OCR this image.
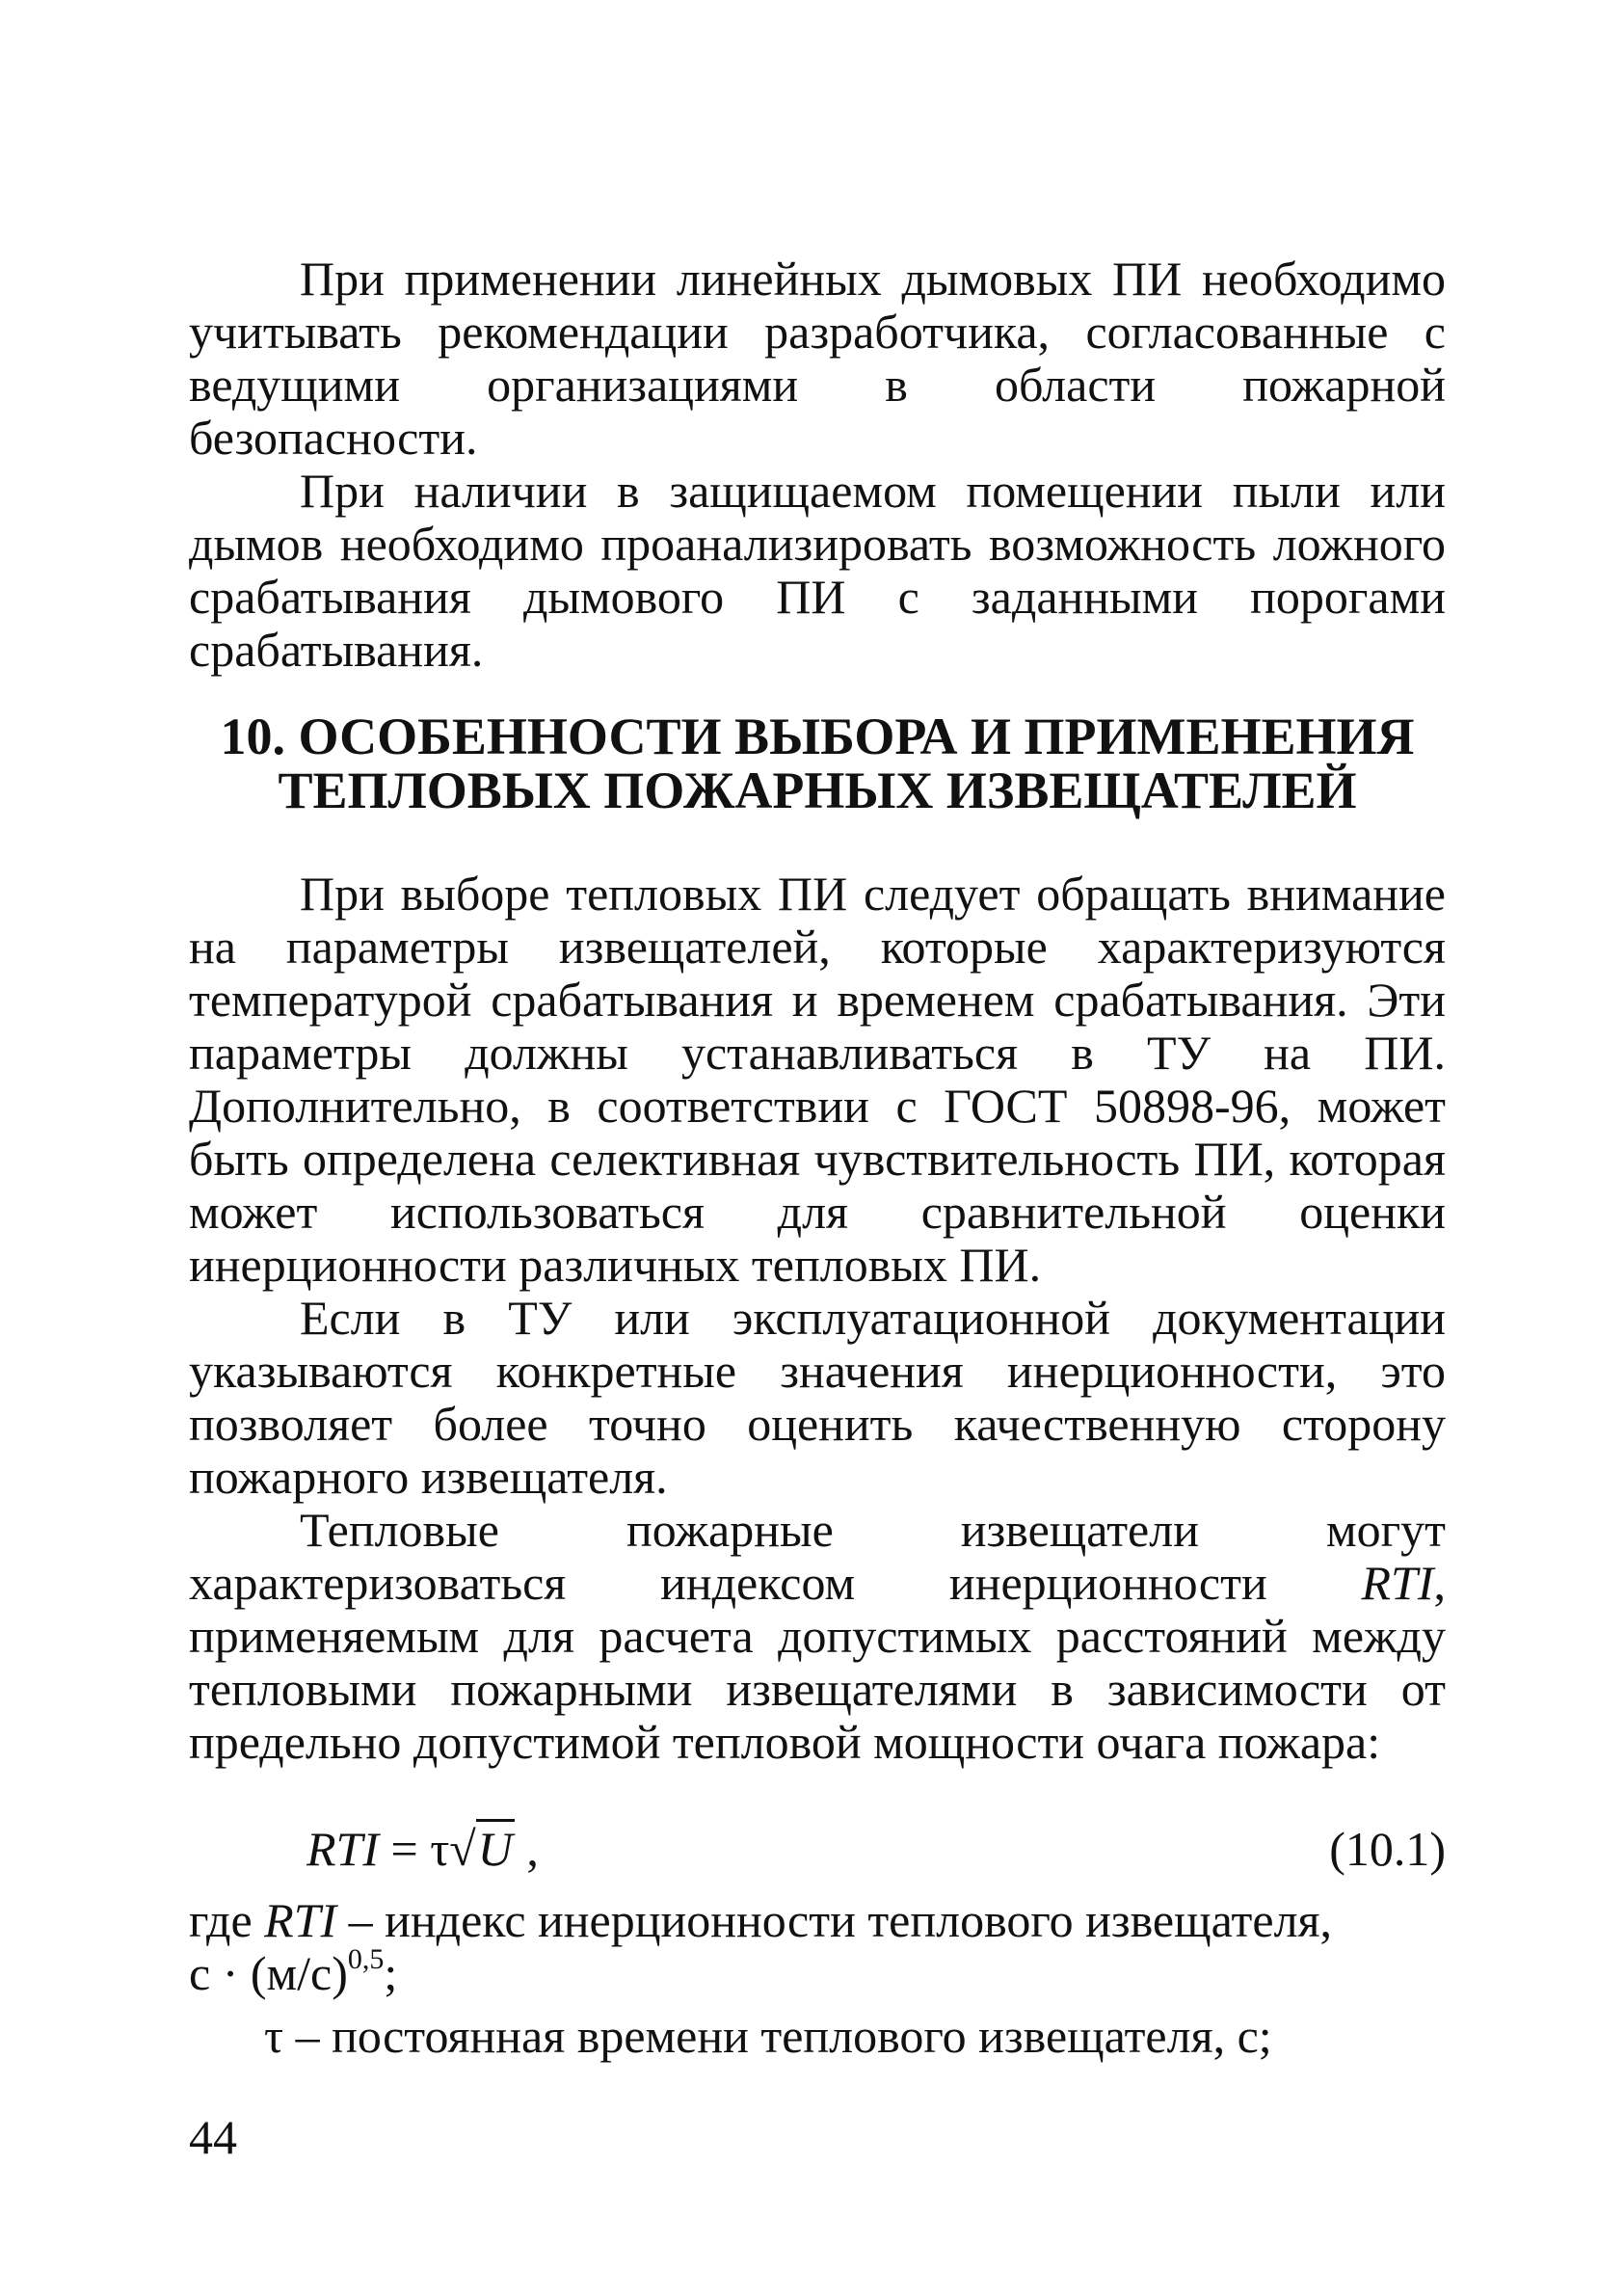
При применении линейных дымовых ПИ необходимо учитывать рекомендации разработчика, согласованные с ведущими организациями в области пожарной безопасности.

При наличии в защищаемом помещении пыли или дымов необходимо проанализировать возможность ложного срабатывания дымового ПИ с заданными порогами срабатывания.

10. ОСОБЕННОСТИ ВЫБОРА И ПРИМЕНЕНИЯ
ТЕПЛОВЫХ ПОЖАРНЫХ ИЗВЕЩАТЕЛЕЙ

При выборе тепловых ПИ следует обращать внимание на параметры извещателей, которые характеризуются температурой срабатывания и временем срабатывания. Эти параметры должны устанавливаться в ТУ на ПИ. Дополнительно, в соответствии с ГОСТ 50898-96, может быть определена селективная чувствительность ПИ, которая может использоваться для сравнительной оценки инерционности различных тепловых ПИ.

Если в ТУ или эксплуатационной документации указываются конкретные значения инерционности, это позволяет более точно оценить качественную сторону пожарного извещателя.

Тепловые пожарные извещатели могут характеризоваться индексом инерционности RTI, применяемым для расчета допустимых расстояний между тепловыми пожарными извещателями в зависимости от предельно допустимой тепловой мощности очага пожара:

RTI = τ√U ,	(10.1)

где RTI – индекс инерционности теплового извещателя,

$с \cdot (м/с)^{0,5}$;

τ – постоянная времени теплового извещателя, с;

44
